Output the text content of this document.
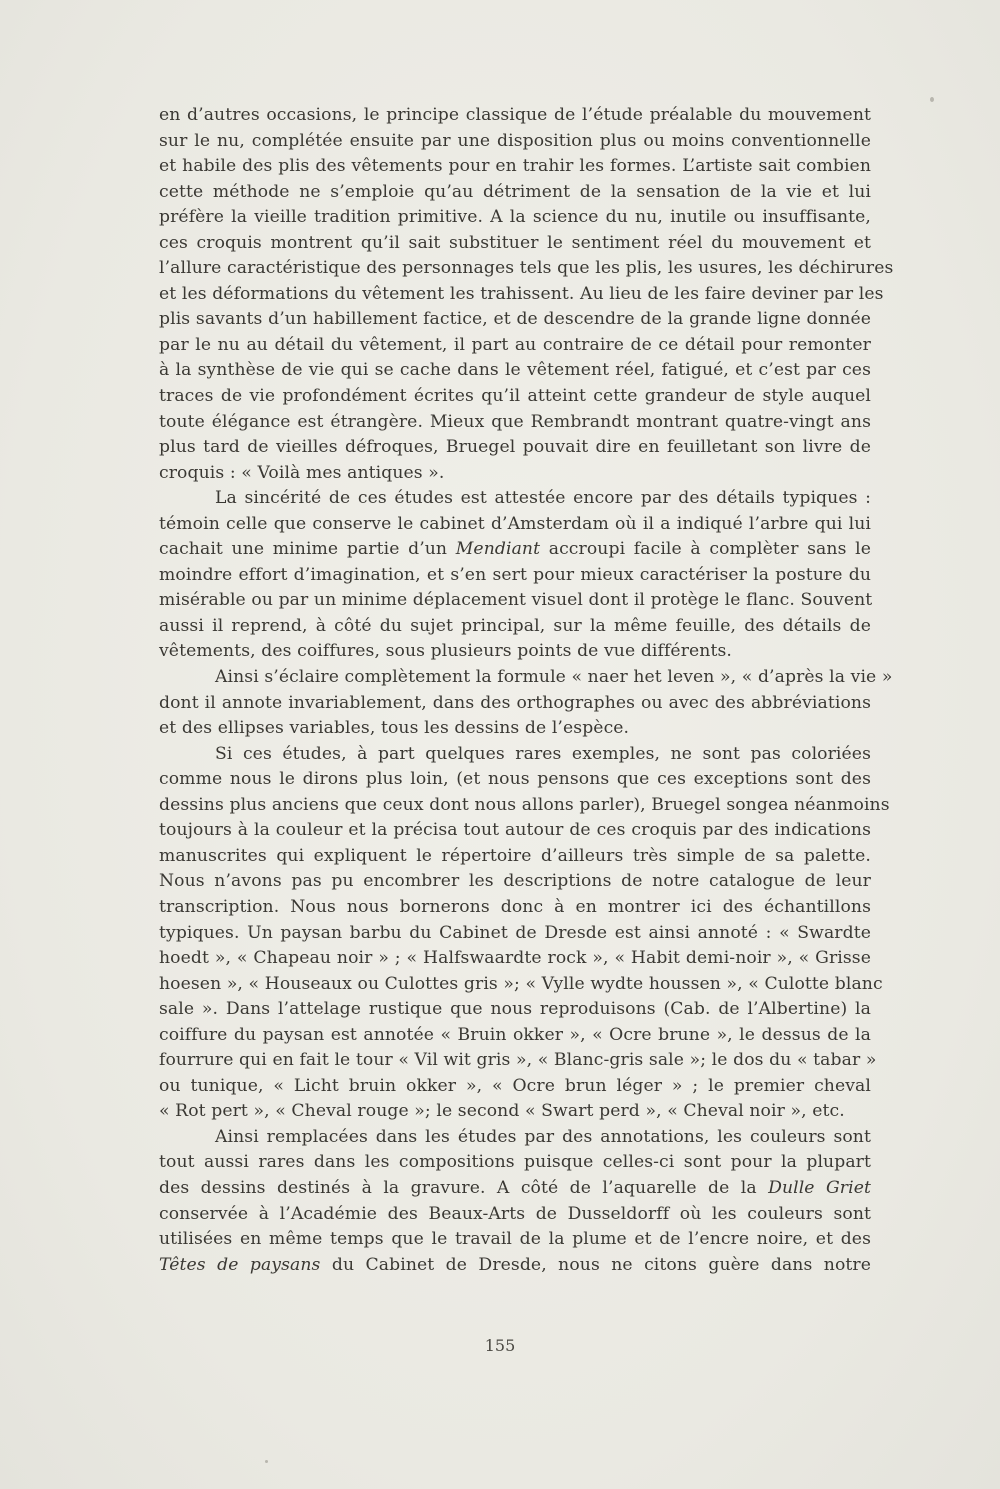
en d’autres occasions, le principe classique de l’étude préalable du mouvement
sur le nu, complétée ensuite par une disposition plus ou moins conventionnelle
et habile des plis des vêtements pour en trahir les formes. L’artiste sait combien
cette méthode ne s’emploie qu’au détriment de la sensation de la vie et lui
préfère la vieille tradition primitive. A la science du nu, inutile ou insuffisante,
ces croquis montrent qu’il sait substituer le sentiment réel du mouvement et
l’allure caractéristique des personnages tels que les plis, les usures, les déchirures
et les déformations du vêtement les trahissent. Au lieu de les faire deviner par les
plis savants d’un habillement factice, et de descendre de la grande ligne donnée
par le nu au détail du vêtement, il part au contraire de ce détail pour remonter
à la synthèse de vie qui se cache dans le vêtement réel, fatigué, et c’est par ces
traces de vie profondément écrites qu’il atteint cette grandeur de style auquel
toute élégance est étrangère. Mieux que Rembrandt montrant quatre-vingt ans
plus tard de vieilles défroques, Bruegel pouvait dire en feuilletant son livre de
croquis : « Voilà mes antiques ».
La sincérité de ces études est attestée encore par des détails typiques :
témoin celle que conserve le cabinet d’Amsterdam où il a indiqué l’arbre qui lui
cachait une minime partie d’un Mendiant accroupi facile à complèter sans le
moindre effort d’imagination, et s’en sert pour mieux caractériser la posture du
misérable ou par un minime déplacement visuel dont il protège le flanc. Souvent
aussi il reprend, à côté du sujet principal, sur la même feuille, des détails de
vêtements, des coiffures, sous plusieurs points de vue différents.
Ainsi s’éclaire complètement la formule « naer het leven », « d’après la vie »
dont il annote invariablement, dans des orthographes ou avec des abbréviations
et des ellipses variables, tous les dessins de l’espèce.
Si ces études, à part quelques rares exemples, ne sont pas coloriées
comme nous le dirons plus loin, (et nous pensons que ces exceptions sont des
dessins plus anciens que ceux dont nous allons parler), Bruegel songea néanmoins
toujours à la couleur et la précisa tout autour de ces croquis par des indications
manuscrites qui expliquent le répertoire d’ailleurs très simple de sa palette.
Nous n’avons pas pu encombrer les descriptions de notre catalogue de leur
transcription. Nous nous bornerons donc à en montrer ici des échantillons
typiques. Un paysan barbu du Cabinet de Dresde est ainsi annoté : « Swardte
hoedt », « Chapeau noir » ; « Halfswaardte rock », « Habit demi-noir », « Grisse
hoesen », « Houseaux ou Culottes gris »; « Vylle wydte houssen », « Culotte blanc
sale ». Dans l’attelage rustique que nous reproduisons (Cab. de l’Albertine) la
coiffure du paysan est annotée « Bruin okker », « Ocre brune », le dessus de la
fourrure qui en fait le tour « Vil wit gris », « Blanc-gris sale »; le dos du « tabar »
ou tunique, « Licht bruin okker », « Ocre brun léger » ; le premier cheval
« Rot pert », « Cheval rouge »; le second « Swart perd », « Cheval noir », etc.
Ainsi remplacées dans les études par des annotations, les couleurs sont
tout aussi rares dans les compositions puisque celles-ci sont pour la plupart
des dessins destinés à la gravure. A côté de l’aquarelle de la Dulle Griet
conservée à l’Académie des Beaux-Arts de Dusseldorff où les couleurs sont
utilisées en même temps que le travail de la plume et de l’encre noire, et des
Têtes de paysans du Cabinet de Dresde, nous ne citons guère dans notre
155
